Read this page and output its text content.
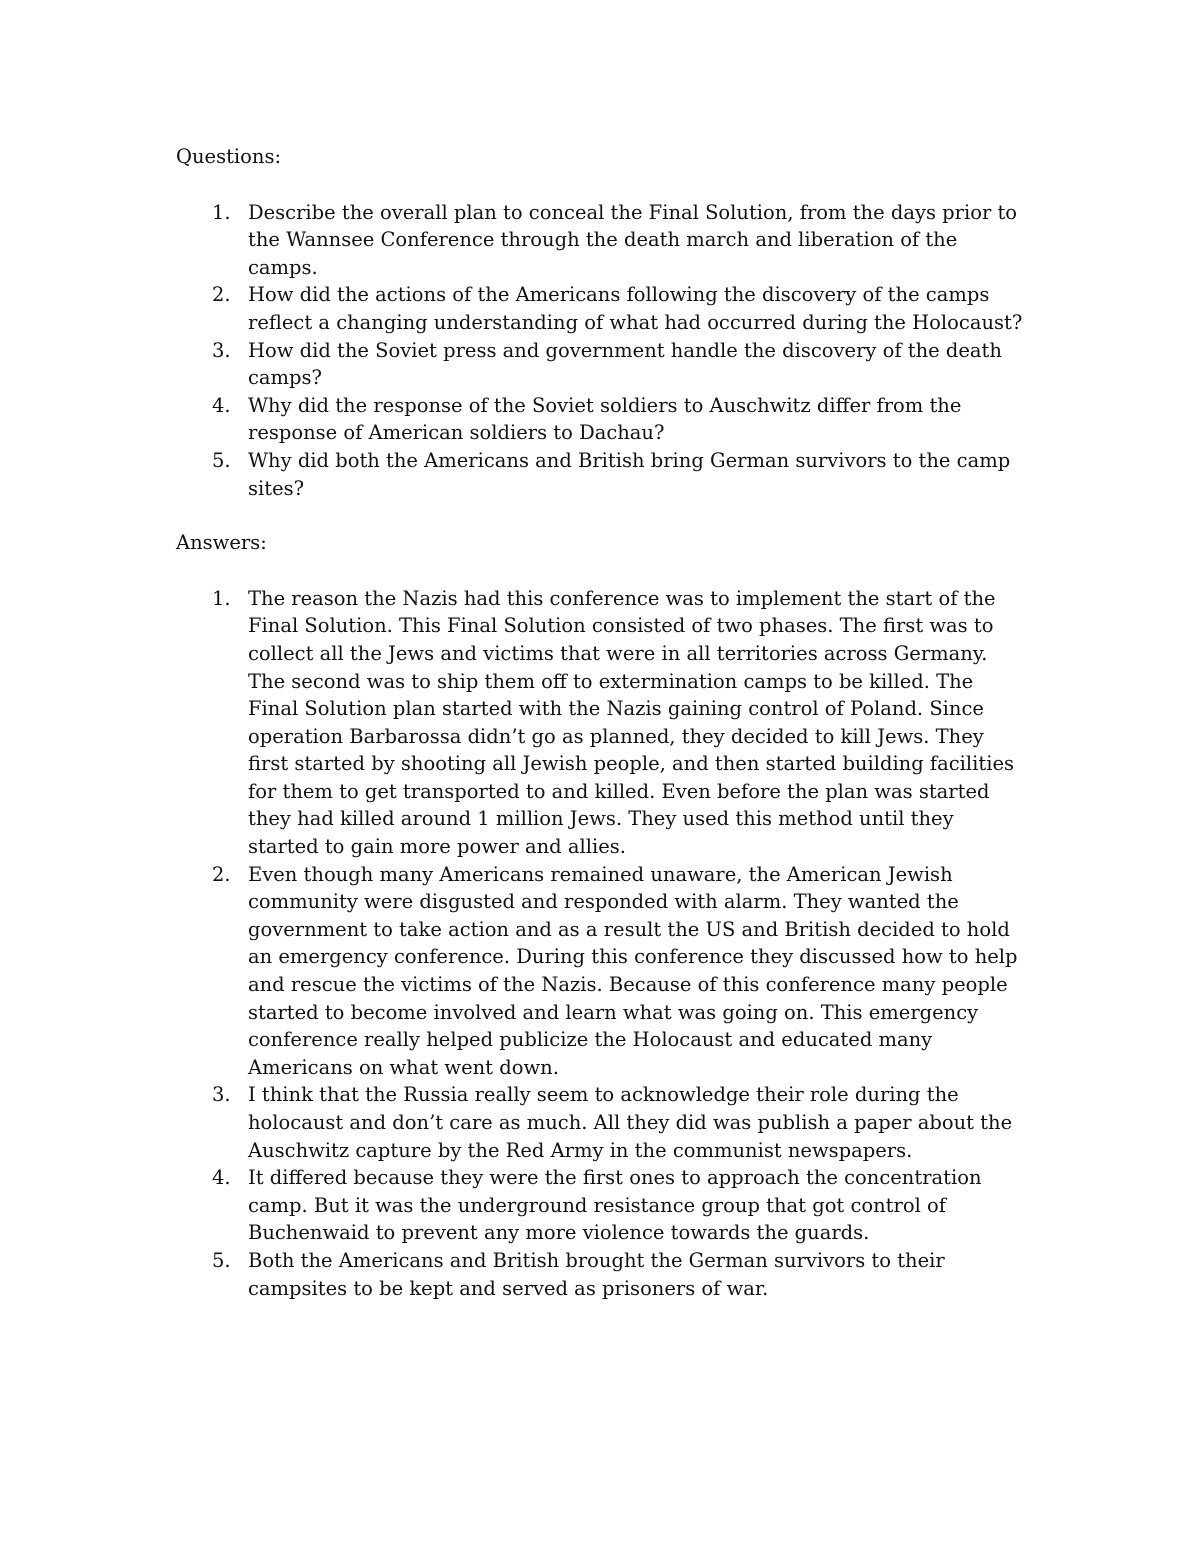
Questions:

1. Describe the overall plan to conceal the Final Solution, from the days prior to the Wannsee Conference through the death march and liberation of the camps.
2. How did the actions of the Americans following the discovery of the camps reflect a changing understanding of what had occurred during the Holocaust?
3. How did the Soviet press and government handle the discovery of the death camps?
4. Why did the response of the Soviet soldiers to Auschwitz differ from the response of American soldiers to Dachau?
5. Why did both the Americans and British bring German survivors to the camp sites?

Answers:

1. The reason the Nazis had this conference was to implement the start of the Final Solution. This Final Solution consisted of two phases. The first was to collect all the Jews and victims that were in all territories across Germany. The second was to ship them off to extermination camps to be killed. The Final Solution plan started with the Nazis gaining control of Poland. Since operation Barbarossa didn’t go as planned, they decided to kill Jews. They first started by shooting all Jewish people, and then started building facilities for them to get transported to and killed. Even before the plan was started they had killed around 1 million Jews. They used this method until they started to gain more power and allies.
2. Even though many Americans remained unaware, the American Jewish community were disgusted and responded with alarm. They wanted the government to take action and as a result the US and British decided to hold an emergency conference. During this conference they discussed how to help and rescue the victims of the Nazis. Because of this conference many people started to become involved and learn what was going on. This emergency conference really helped publicize the Holocaust and educated many Americans on what went down.
3. I think that the Russia really seem to acknowledge their role during the holocaust and don’t care as much. All they did was publish a paper about the Auschwitz capture by the Red Army in the communist newspapers.
4. It differed because they were the first ones to approach the concentration camp. But it was the underground resistance group that got control of Buchenwaid to prevent any more violence towards the guards.
5. Both the Americans and British brought the German survivors to their campsites to be kept and served as prisoners of war.
